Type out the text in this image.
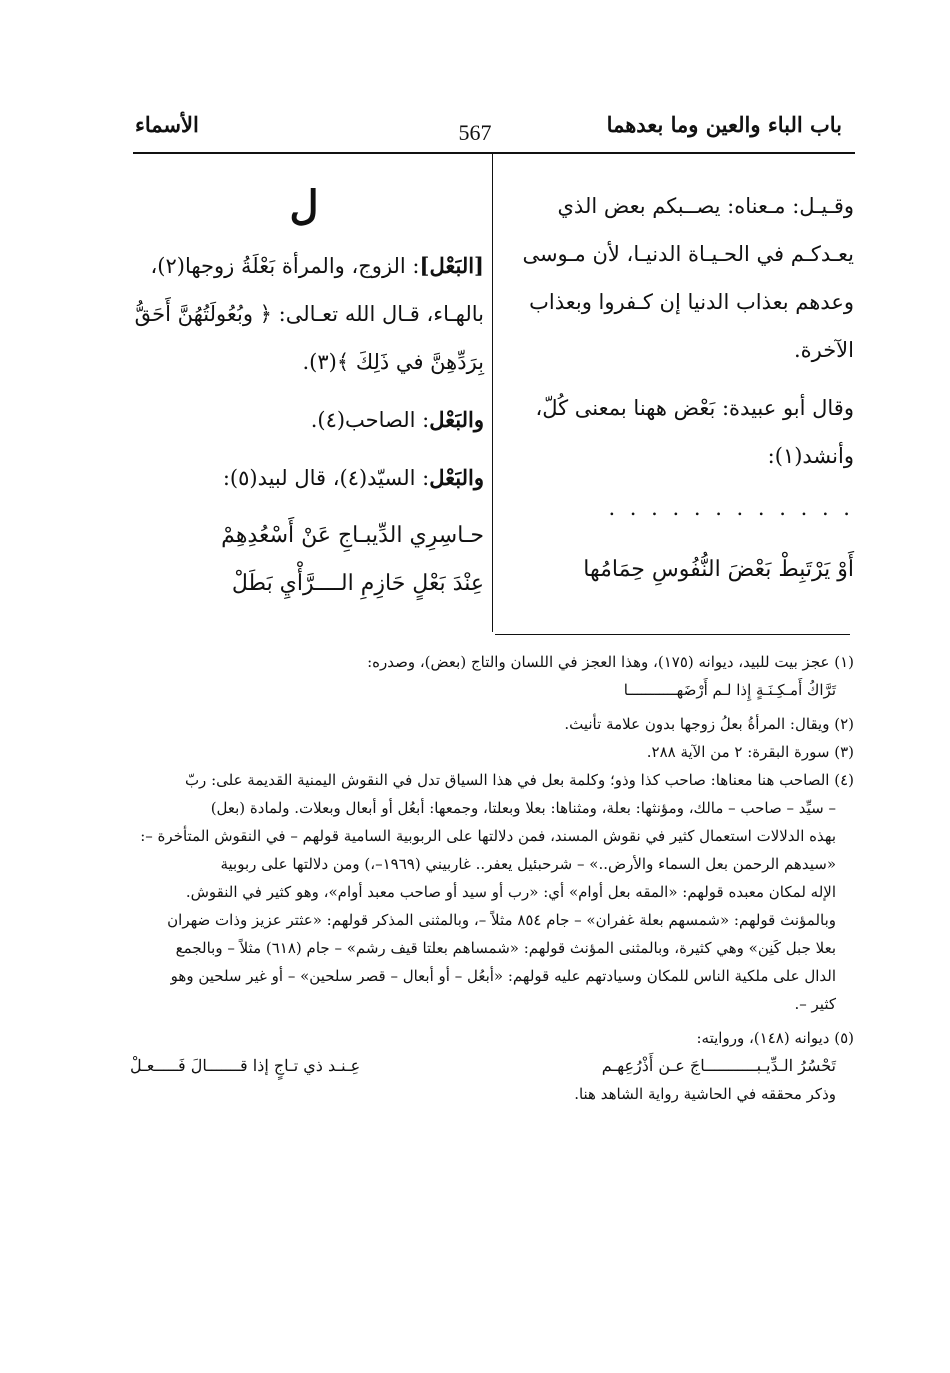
باب الباء والعين وما بعدهما
567
الأسماء

وقـيـل: مـعناه: يصــبكم بعض الذي

يعـدكـم في الحـيـاة الدنيـا، لأن مـوسى

وعدهم بعذاب الدنيا إن كـفروا وبعذاب

الآخرة.

وقال أبو عبيدة: بَعْض ههنا بمعنى كُلّ،

وأنشد(١):

. . . . . . . . . . . .

أَوْ يَرْتَبِطْ بَعْضَ النُّفُوسِ حِمَامُها

ل

[البَعْل]: الزوج، والمرأة بَعْلَةُ زوجها(٢)،

بالهـاء، قـال الله تعـالى: ﴿ وبُعُولَتُهُنَّ أَحَقُّ

بِرَدِّهِنَّ في ذَلِكَ ﴾(٣).

والبَعْل: الصاحب(٤).

والبَعْل: السيّد(٤)، قال لبيد(٥):

حـاسِرِي الدِّيبـاجِ عَنْ أَسْعُدِهِمْ

عِنْدَ بَعْلٍ حَازِمِ الــــرَّأْيِ بَطَلْ

(١) عجز بيت للبيد، ديوانه (١٧٥)، وهذا العجز في اللسان والتاج (بعض)، وصدره:

تَرَّاكُ أَمـكِـنَـةٍ إِذا لـم أَرْضَهـــــــــــا

(٢) ويقال: المرأةُ بعلُ زوجها بدون علامة تأنيث.

(٣) سورة البقرة: ٢ من الآية ٢٨٨.

(٤) الصاحب هنا معناها: صاحب كذا وذو؛ وكلمة بعل في هذا السياق تدل في النقوش اليمنية القديمة على: ربّ

– سيِّد – صاحب – مالك، ومؤنثها: بعلة، ومثناها: بعلا وبعلتا، وجمعها: أبعُل أو أبعال وبعلات. ولمادة (بعل)

بهذه الدلالات استعمال كثير في نقوش المسند، فمن دلالتها على الربوبية السامية قولهم – في النقوش المتأخرة –:

«سيدهم الرحمن بعل السماء والأرض..» – شرحبئيل يعفر.. غاربيني (١٩٦٩–،) ومن دلالتها على ربوبية

الإله لمكان معبده قولهم: «المقه بعل أوام» أي: «رب أو سيد أو صاحب معبد أوام»، وهو كثير في النقوش.

وبالمؤنث قولهم: «شمسهم بعلة غفران» – جام ٨٥٤ مثلاً –، وبالمثنى المذكر قولهم: «عثتر عزيز وذات ضهران

بعلا جبل كَنِن» وهي كثيرة، وبالمثنى المؤنث قولهم: «شمساهم بعلتا قيف رشم» – جام (٦١٨) مثلاً – وبالجمع

الدال على ملكية الناس للمكان وسيادتهم عليه قولهم: «أبعُل – أو أبعال – قصر سلحين» – أو غير سلحين وهو

كثير –.

(٥) ديوانه (١٤٨)، وروايته:

تَحْسُرُ الـدِّيـبـــــــــــاجَ عـن أَذْرُعِهـم
عِـنـد ذي تـاجٍ إذا قـــــــالَ فَـــــعـلْ

وذكر محققه في الحاشية رواية الشاهد هنا.
